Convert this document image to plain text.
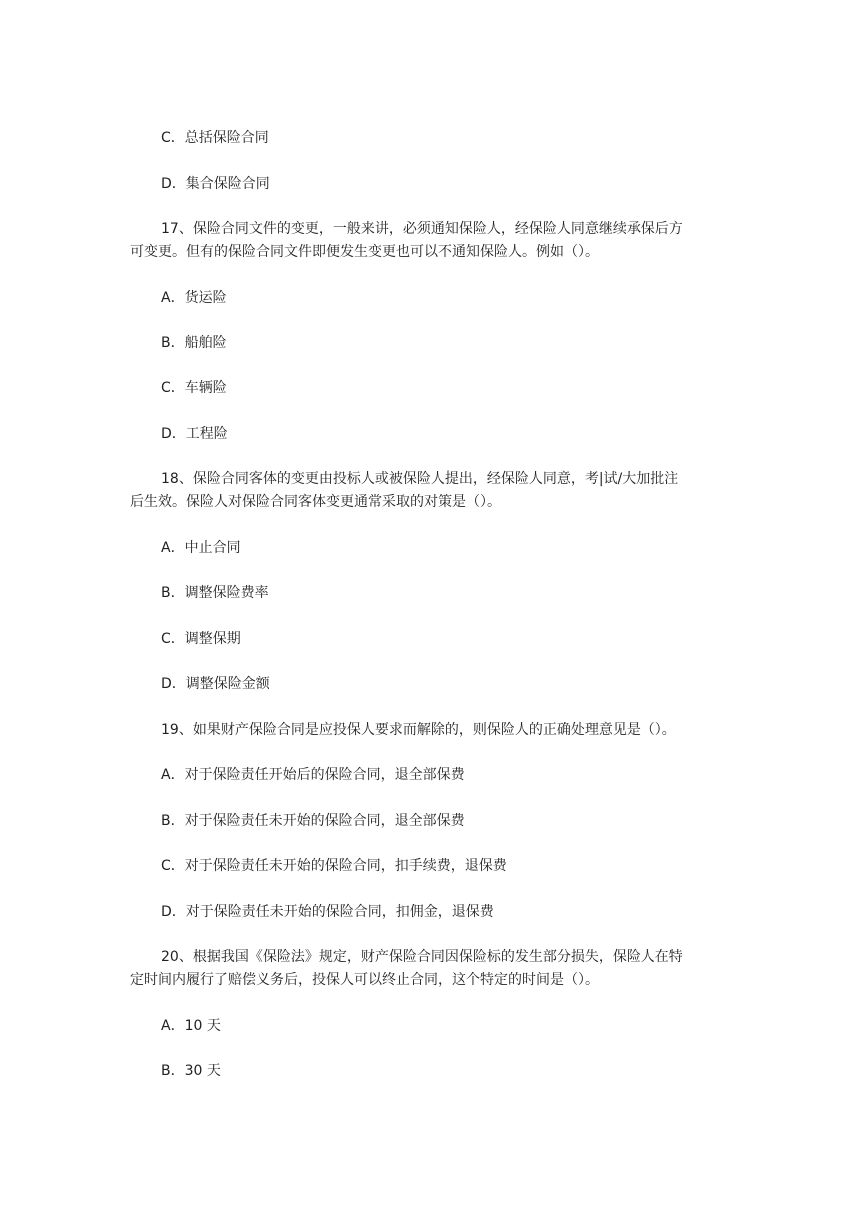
C．总括保险合同
D．集合保险合同
17、保险合同文件的变更，一般来讲，必须通知保险人，经保险人同意继续承保后方
可变更。但有的保险合同文件即便发生变更也可以不通知保险人。例如（）。
A．货运险
B．船舶险
C．车辆险
D．工程险
18、保险合同客体的变更由投标人或被保险人提出，经保险人同意，考|试/大加批注
后生效。保险人对保险合同客体变更通常采取的对策是（）。
A．中止合同
B．调整保险费率
C．调整保期
D．调整保险金额
19、如果财产保险合同是应投保人要求而解除的，则保险人的正确处理意见是（）。
A．对于保险责任开始后的保险合同，退全部保费
B．对于保险责任未开始的保险合同，退全部保费
C．对于保险责任未开始的保险合同，扣手续费，退保费
D．对于保险责任未开始的保险合同，扣佣金，退保费
20、根据我国《保险法》规定，财产保险合同因保险标的发生部分损失，保险人在特
定时间内履行了赔偿义务后，投保人可以终止合同，这个特定的时间是（）。
A．10 天
B．30 天
